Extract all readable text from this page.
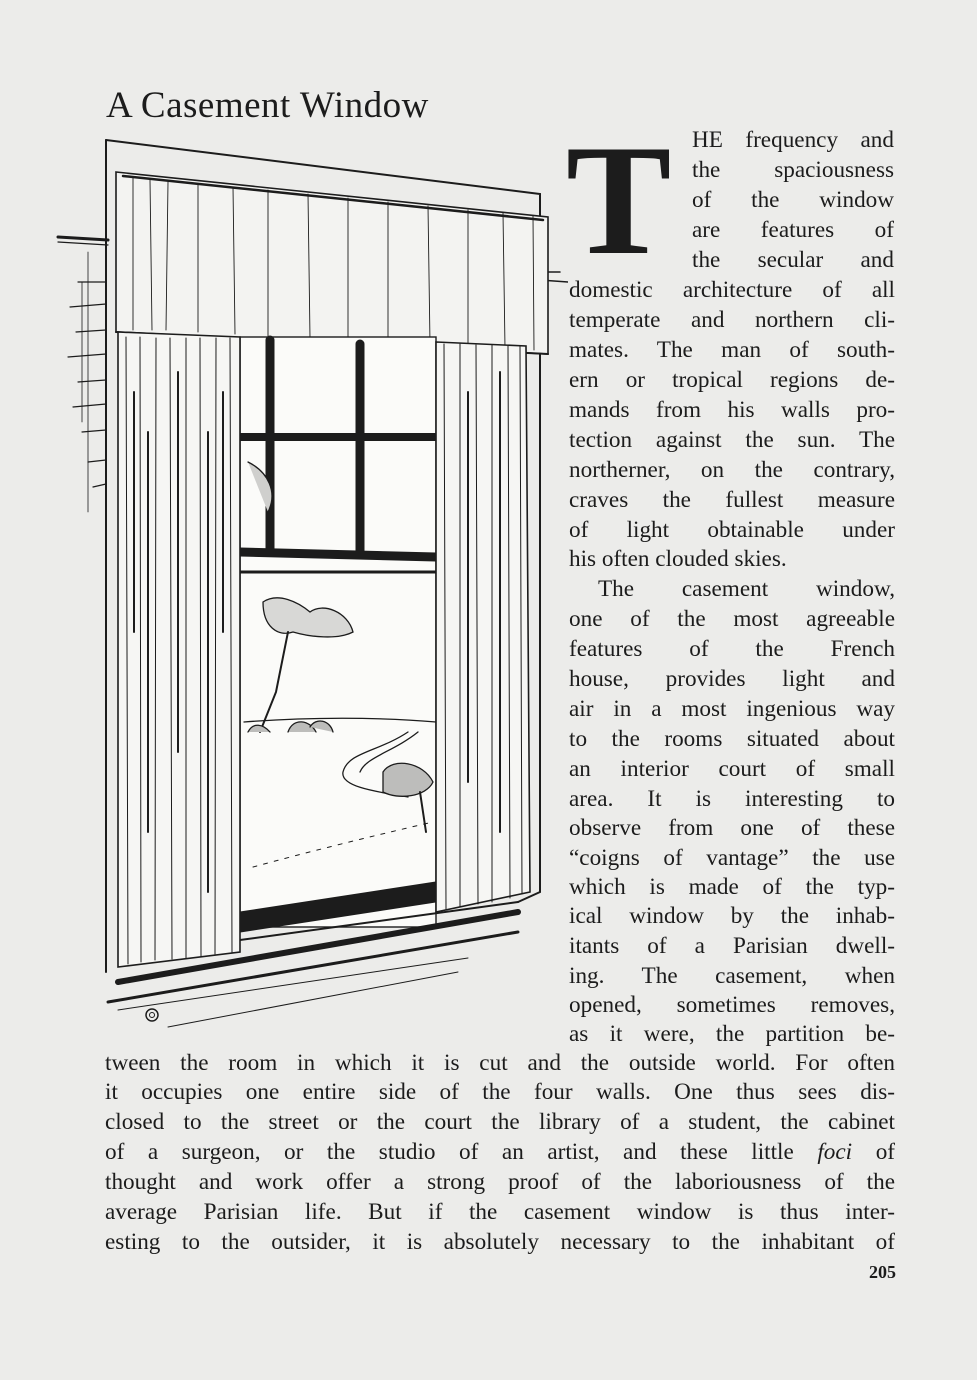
A Casement Window
T HE frequency and
the spaciousness
of the window
are features of
the secular and
domestic architecture of all
temperate and northern cli-
mates. The man of south-
ern or tropical regions de-
mands from his walls pro-
tection against the sun. The
northerner, on the contrary,
craves the fullest measure
of light obtainable under
his often clouded skies.
The casement window,
one of the most agreeable
features of the French
house, provides light and
air in a most ingenious way
to the rooms situated about
an interior court of small
area. It is interesting to
observe from one of these
“coigns of vantage” the use
which is made of the typ-
ical window by the inhab-
itants of a Parisian dwell-
ing. The casement, when
opened, sometimes removes,
as it were, the partition be-
tween the room in which it is cut and the outside world. For often
it occupies one entire side of the four walls. One thus sees dis-
closed to the street or the court the library of a student, the cabinet
of a surgeon, or the studio of an artist, and these little foci of
thought and work offer a strong proof of the laboriousness of the
average Parisian life. But if the casement window is thus inter-
esting to the outsider, it is absolutely necessary to the inhabitant of
205
